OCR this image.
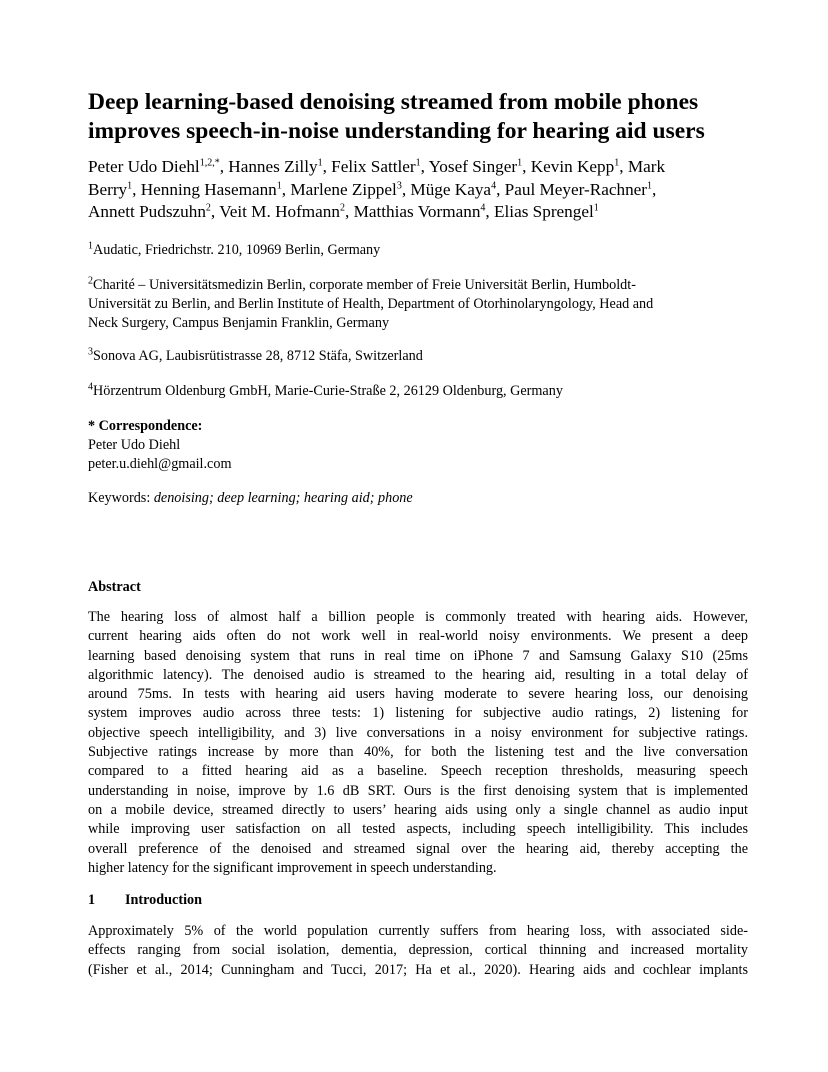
Deep learning-based denoising streamed from mobile phones
improves speech-in-noise understanding for hearing aid users
Peter Udo Diehl$^{1,2,*}$, Hannes Zilly$^1$, Felix Sattler$^1$, Yosef Singer$^1$, Kevin Kepp$^1$, Mark
Berry$^1$, Henning Hasemann$^1$, Marlene Zippel$^3$, Müge Kaya$^4$, Paul Meyer-Rachner$^1$,
Annett Pudszuhn$^2$, Veit M. Hofmann$^2$, Matthias Vormann$^4$, Elias Sprengel$^1$
$^1$Audatic, Friedrichstr. 210, 10969 Berlin, Germany
$^2$Charité – Universitätsmedizin Berlin, corporate member of Freie Universität Berlin, Humboldt-
Universität zu Berlin, and Berlin Institute of Health, Department of Otorhinolaryngology, Head and
Neck Surgery, Campus Benjamin Franklin, Germany
$^3$Sonova AG, Laubisrütistrasse 28, 8712 Stäfa, Switzerland
$^4$Hörzentrum Oldenburg GmbH, Marie-Curie-Straße 2, 26129 Oldenburg, Germany
* Correspondence:
Peter Udo Diehl
peter.u.diehl@gmail.com
Keywords: denoising; deep learning; hearing aid; phone
Abstract
The hearing loss of almost half a billion people is commonly treated with hearing aids. However,
current hearing aids often do not work well in real-world noisy environments. We present a deep
learning based denoising system that runs in real time on iPhone 7 and Samsung Galaxy S10 (25ms
algorithmic latency). The denoised audio is streamed to the hearing aid, resulting in a total delay of
around 75ms. In tests with hearing aid users having moderate to severe hearing loss, our denoising
system improves audio across three tests: 1) listening for subjective audio ratings, 2) listening for
objective speech intelligibility, and 3) live conversations in a noisy environment for subjective ratings.
Subjective ratings increase by more than 40%, for both the listening test and the live conversation
compared to a fitted hearing aid as a baseline. Speech reception thresholds, measuring speech
understanding in noise, improve by 1.6 dB SRT. Ours is the first denoising system that is implemented
on a mobile device, streamed directly to users’ hearing aids using only a single channel as audio input
while improving user satisfaction on all tested aspects, including speech intelligibility. This includes
overall preference of the denoised and streamed signal over the hearing aid, thereby accepting the
higher latency for the significant improvement in speech understanding.
1 Introduction
Approximately 5% of the world population currently suffers from hearing loss, with associated side-
effects ranging from social isolation, dementia, depression, cortical thinning and increased mortality
(Fisher et al., 2014; Cunningham and Tucci, 2017; Ha et al., 2020). Hearing aids and cochlear implants
